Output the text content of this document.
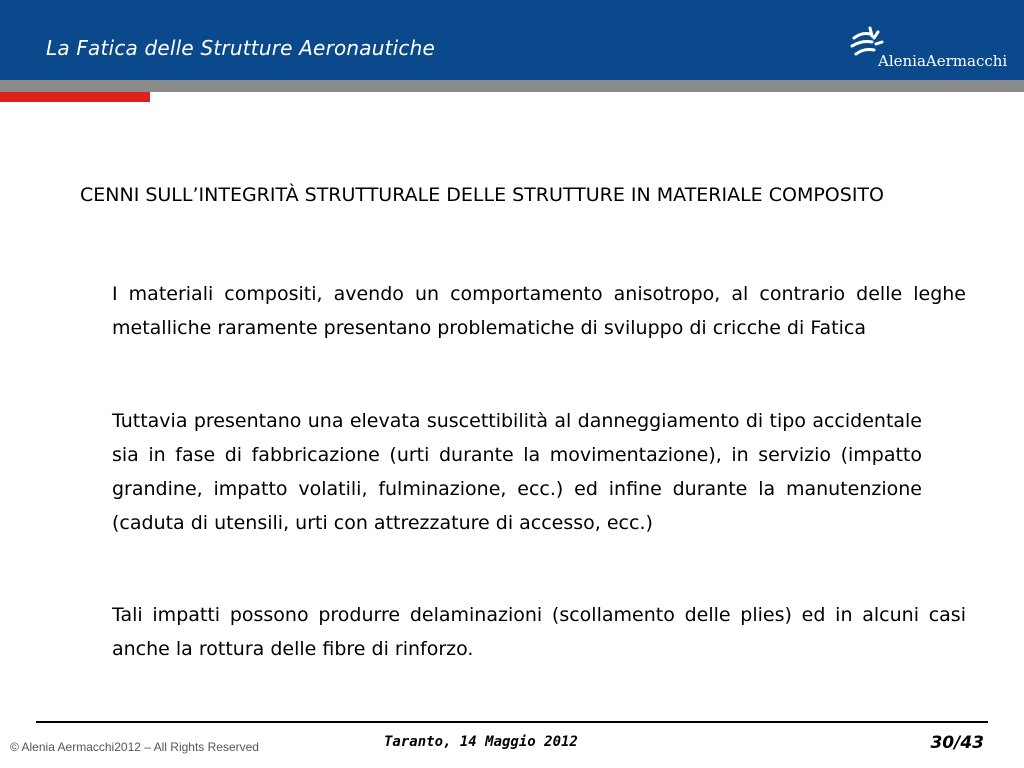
La Fatica delle Strutture Aeronautiche
AleniaAermacchi
CENNI SULL’INTEGRITÀ STRUTTURALE DELLE STRUTTURE IN MATERIALE COMPOSITO
I materiali compositi, avendo un comportamento anisotropo, al contrario delle leghe metalliche raramente presentano problematiche di sviluppo di cricche di Fatica
Tuttavia presentano una elevata suscettibilità al danneggiamento di tipo accidentale sia in fase di fabbricazione (urti durante la movimentazione), in servizio (impatto grandine, impatto volatili, fulminazione, ecc.) ed infine durante la manutenzione (caduta di utensili, urti con attrezzature di accesso, ecc.)
Tali impatti possono produrre delaminazioni (scollamento delle plies) ed in alcuni casi anche la rottura delle fibre di rinforzo.
© Alenia Aermacchi2012 – All Rights Reserved	Taranto, 14 Maggio 2012	30/43
